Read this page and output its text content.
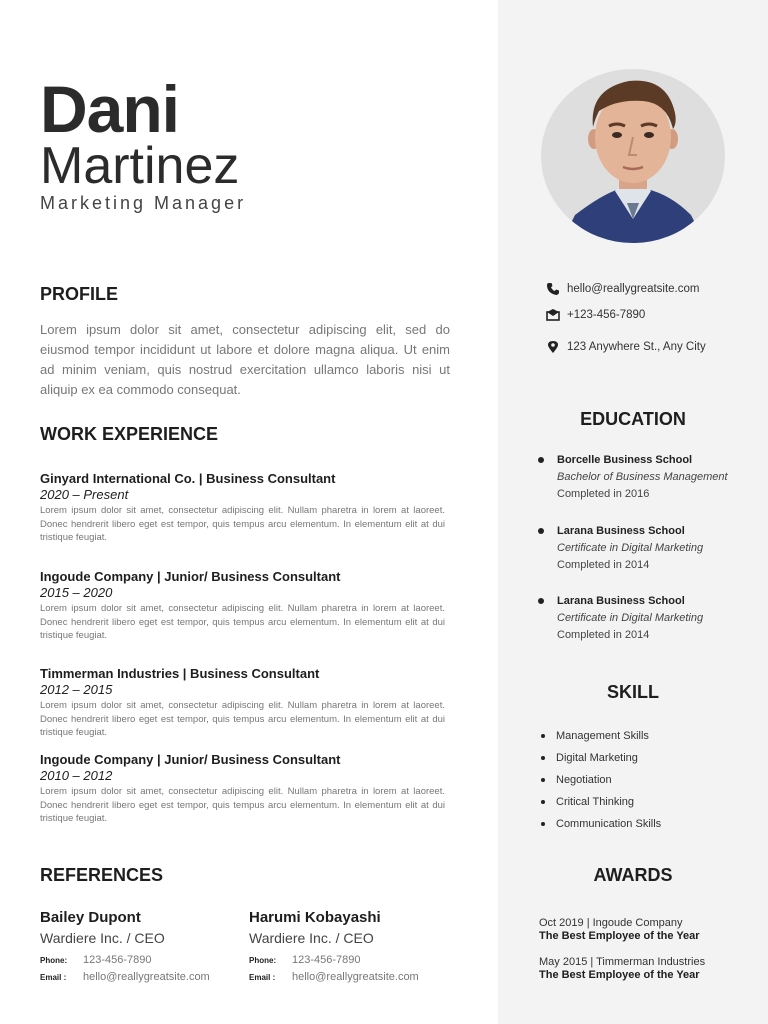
Dani
Martinez

Marketing Manager

PROFILE

Lorem ipsum dolor sit amet, consectetur adipiscing elit, sed do eiusmod tempor incididunt ut labore et dolore magna aliqua. Ut enim ad minim veniam, quis nostrud exercitation ullamco laboris nisi ut aliquip ex ea commodo consequat.

WORK EXPERIENCE
Ginyard International Co. | Business Consultant
2020 – Present
Lorem ipsum dolor sit amet, consectetur adipiscing elit. Nullam pharetra in lorem at laoreet. Donec hendrerit libero eget est tempor, quis tempus arcu elementum. In elementum elit at dui tristique feugiat.
Ingoude Company | Junior/ Business Consultant
2015 – 2020
Lorem ipsum dolor sit amet, consectetur adipiscing elit. Nullam pharetra in lorem at laoreet. Donec hendrerit libero eget est tempor, quis tempus arcu elementum. In elementum elit at dui tristique feugiat.
Timmerman Industries | Business Consultant
2012 – 2015
Lorem ipsum dolor sit amet, consectetur adipiscing elit. Nullam pharetra in lorem at laoreet. Donec hendrerit libero eget est tempor, quis tempus arcu elementum. In elementum elit at dui tristique feugiat.
Ingoude Company | Junior/ Business Consultant
2010 – 2012
Lorem ipsum dolor sit amet, consectetur adipiscing elit. Nullam pharetra in lorem at laoreet. Donec hendrerit libero eget est tempor, quis tempus arcu elementum. In elementum elit at dui tristique feugiat.
REFERENCES
Bailey Dupont
Wardiere Inc. / CEO
Phone: 123-456-7890
Email : hello@reallygreatsite.com
Harumi Kobayashi
Wardiere Inc. / CEO
Phone: 123-456-7890
Email : hello@reallygreatsite.com
hello@reallygreatsite.com
+123-456-7890
123 Anywhere St., Any City
EDUCATION
Borcelle Business School
Bachelor of Business Management
Completed in 2016
Larana Business School
Certificate in Digital Marketing
Completed in 2014
Larana Business School
Certificate in Digital Marketing
Completed in 2014
SKILL
Management Skills
Digital Marketing
Negotiation
Critical Thinking
Communication Skills
AWARDS
Oct 2019 | Ingoude Company
The Best Employee of the Year
May 2015 | Timmerman Industries
The Best Employee of the Year
